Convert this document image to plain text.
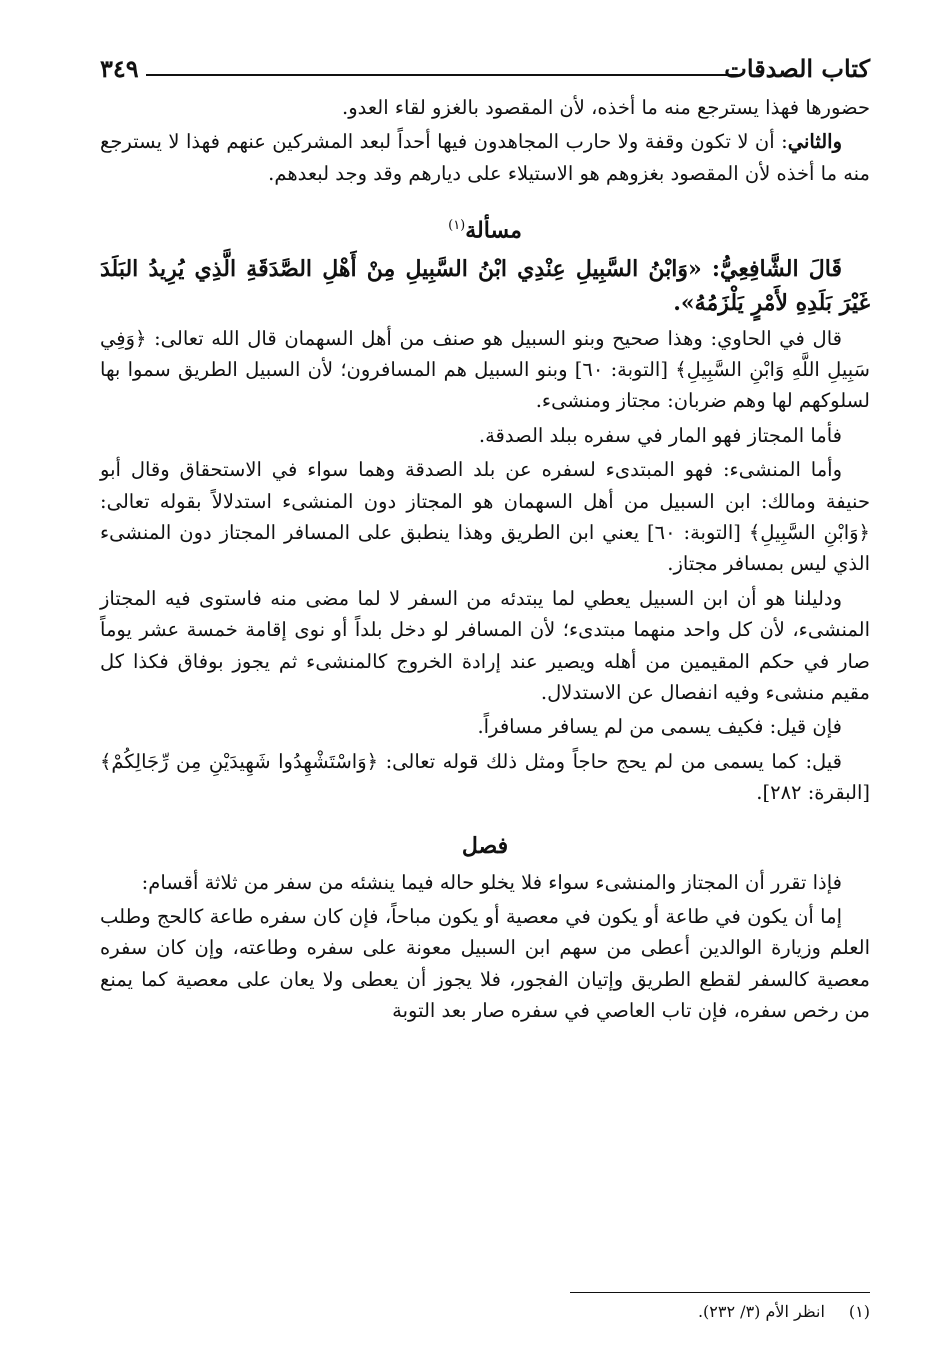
كتاب الصدقات
٣٤٩

حضورها فهذا يسترجع منه ما أخذه، لأن المقصود بالغزو لقاء العدو.

والثاني: أن لا تكون وقفة ولا حارب المجاهدون فيها أحداً لبعد المشركين عنهم فهذا لا يسترجع منه ما أخذه لأن المقصود بغزوهم هو الاستيلاء على ديارهم وقد وجد لبعدهم.

مسألة$^{(١)}$

قَالَ الشَّافِعِيُّ: «وَابْنُ السَّبِيلِ عِنْدِي ابْنُ السَّبِيلِ مِنْ أَهْلِ الصَّدَقَةِ الَّذِي يُرِيدُ البَلَدَ غَيْرَ بَلَدِهِ لأَمْرٍ يَلْزَمُهُ».

قال في الحاوي: وهذا صحيح وبنو السبيل هو صنف من أهل السهمان قال الله تعالى: ﴿وَفِي سَبِيلِ اللَّهِ وَابْنِ السَّبِيلِ﴾ [التوبة: ٦٠] وبنو السبيل هم المسافرون؛ لأن السبيل الطريق سموا بها لسلوكهم لها وهم ضربان: مجتاز ومنشىء.

فأما المجتاز فهو المار في سفره ببلد الصدقة.

وأما المنشىء: فهو المبتدىء لسفره عن بلد الصدقة وهما سواء في الاستحقاق وقال أبو حنيفة ومالك: ابن السبيل من أهل السهمان هو المجتاز دون المنشىء استدلالاً بقوله تعالى: ﴿وَابْنِ السَّبِيلِ﴾ [التوبة: ٦٠] يعني ابن الطريق وهذا ينطبق على المسافر المجتاز دون المنشىء الذي ليس بمسافر مجتاز.

ودليلنا هو أن ابن السبيل يعطي لما يبتدئه من السفر لا لما مضى منه فاستوى فيه المجتاز المنشىء، لأن كل واحد منهما مبتدىء؛ لأن المسافر لو دخل بلداً أو نوى إقامة خمسة عشر يوماً صار في حكم المقيمين من أهله ويصير عند إرادة الخروج كالمنشىء ثم يجوز بوفاق فكذا كل مقيم منشىء وفيه انفصال عن الاستدلال.

فإن قيل: فكيف يسمى من لم يسافر مسافراً.

قيل: كما يسمى من لم يحج حاجاً ومثل ذلك قوله تعالى: ﴿وَاسْتَشْهِدُوا شَهِيدَيْنِ مِن رِّجَالِكُمْ﴾ [البقرة: ٢٨٢].

فصل

فإذا تقرر أن المجتاز والمنشىء سواء فلا يخلو حاله فيما ينشئه من سفر من ثلاثة أقسام:

إما أن يكون في طاعة أو يكون في معصية أو يكون مباحاً، فإن كان سفره طاعة كالحج وطلب العلم وزيارة الوالدين أعطى من سهم ابن السبيل معونة على سفره وطاعته، وإن كان سفره معصية كالسفر لقطع الطريق وإتيان الفجور، فلا يجوز أن يعطى ولا يعان على معصية كما يمنع من رخص سفره، فإن تاب العاصي في سفره صار بعد التوبة

(١)انظر الأم (٣/ ٢٣٢).
